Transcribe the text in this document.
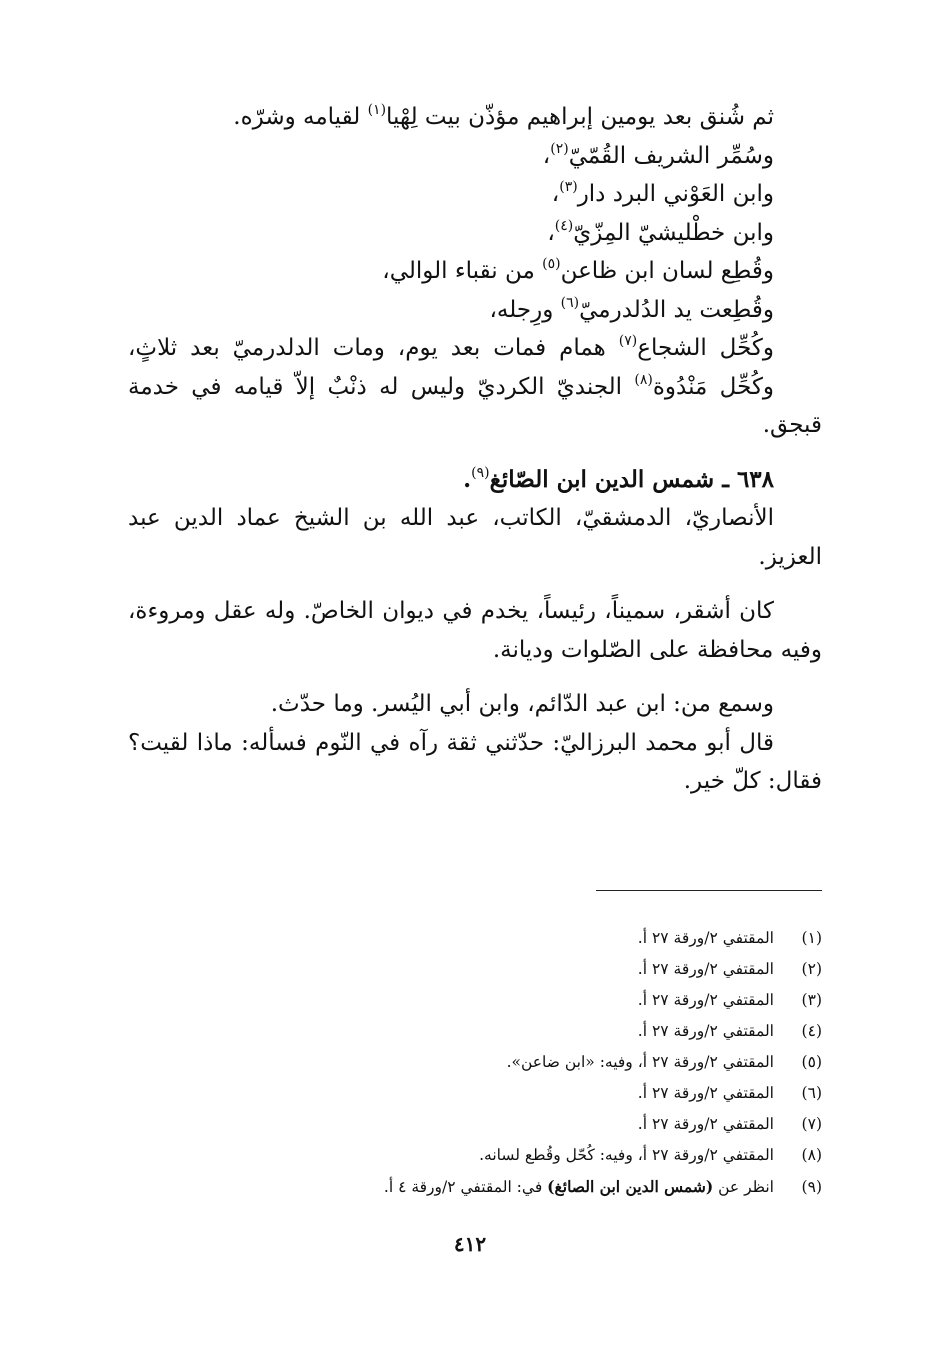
ثم شُنق بعد يومين إبراهيم مؤذّن بيت لِهْيا$^{(١)}$ لقيامه وشرّه.
وسُمِّر الشريف القُمّيّ$^{(٢)}$،
وابن العَوْني البرد دار$^{(٣)}$،
وابن خطْليشيّ المِزّيّ$^{(٤)}$،
وقُطِع لسان ابن ظاعن$^{(٥)}$ من نقباء الوالي،
وقُطِعت يد الدُلدرميّ$^{(٦)}$ ورِجله،
وكُحِّل الشجاع$^{(٧)}$ همام فمات بعد يوم، ومات الدلدرميّ بعد ثلاثٍ،
وكُحِّل مَنْدُوة$^{(٨)}$ الجنديّ الكرديّ وليس له ذنْبٌ إلاّ قيامه في خدمة
قبجق.
٦٣٨ ـ شمس الدين ابن الصّائغ$^{(٩)}$.
الأنصاريّ، الدمشقيّ، الكاتب، عبد الله بن الشيخ عماد الدين عبد
العزيز.
كان أشقر، سميناً، رئيساً، يخدم في ديوان الخاصّ. وله عقل ومروءة،
وفيه محافظة على الصّلوات وديانة.
وسمع من: ابن عبد الدّائم، وابن أبي اليُسر. وما حدّث.
قال أبو محمد البرزاليّ: حدّثني ثقة رآه في النّوم فسأله: ماذا لقيت؟
فقال: كلّ خير.
(١)المقتفي ٢/ورقة ٢٧ أ.
(٢)المقتفي ٢/ورقة ٢٧ أ.
(٣)المقتفي ٢/ورقة ٢٧ أ.
(٤)المقتفي ٢/ورقة ٢٧ أ.
(٥)المقتفي ٢/ورقة ٢٧ أ، وفيه: «ابن ضاعن».
(٦)المقتفي ٢/ورقة ٢٧ أ.
(٧)المقتفي ٢/ورقة ٢٧ أ.
(٨)المقتفي ٢/ورقة ٢٧ أ، وفيه: كُحّل وقُطع لسانه.
(٩)انظر عن (شمس الدين ابن الصائغ) في: المقتفي ٢/ورقة ٤ أ.
٤١٢
